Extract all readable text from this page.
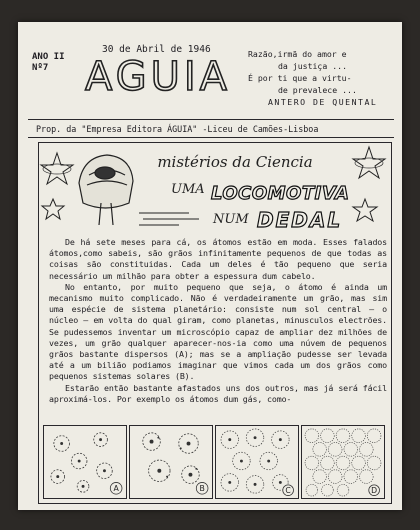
ANO II
Nº7
30 de Abril de 1946
AGUIA Razão,irmã do amor e
da justiça ...
É por ti que a virtu-
de prevalece ...
ANTERO DE QUENTAL
Prop. da "Empresa Editora ÁGUIA" -Liceu de Camões-Lisboa
mistérios da Ciencia
UMA LOCOMOTIVA
NUM DEDAL

De há sete meses para cá, os átomos estão em moda. Esses falados átomos,como sabeis, são grãos infinitamente pequenos de que todas as coisas são constituidas. Cada um deles é tão pequeno que seria necessário um milhão para obter a espessura dum cabelo.

No entanto, por muito pequeno que seja, o átomo é ainda um mecanismo muito complicado. Não é verdadeiramente um grão, mas sim uma espécie de sistema planetário: consiste num sol central – o núcleo – em volta do qual giram, como planetas, minusculos electrões. Se pudessemos inventar um microscópio capaz de ampliar dez milhões de vezes, um grão qualquer aparecer-nos-ia como uma núvem de pequenos grãos bastante dispersos (A); mas se a ampliação pudesse ser levada até a um bilião podiamos imaginar que vimos cada um dos grãos como pequenos sistemas solares (B).

Estarão então bastante afastados uns dos outros, mas já será fácil aproximá-los. Por exemplo os átomos dum gás, como-

A	B	C	D
